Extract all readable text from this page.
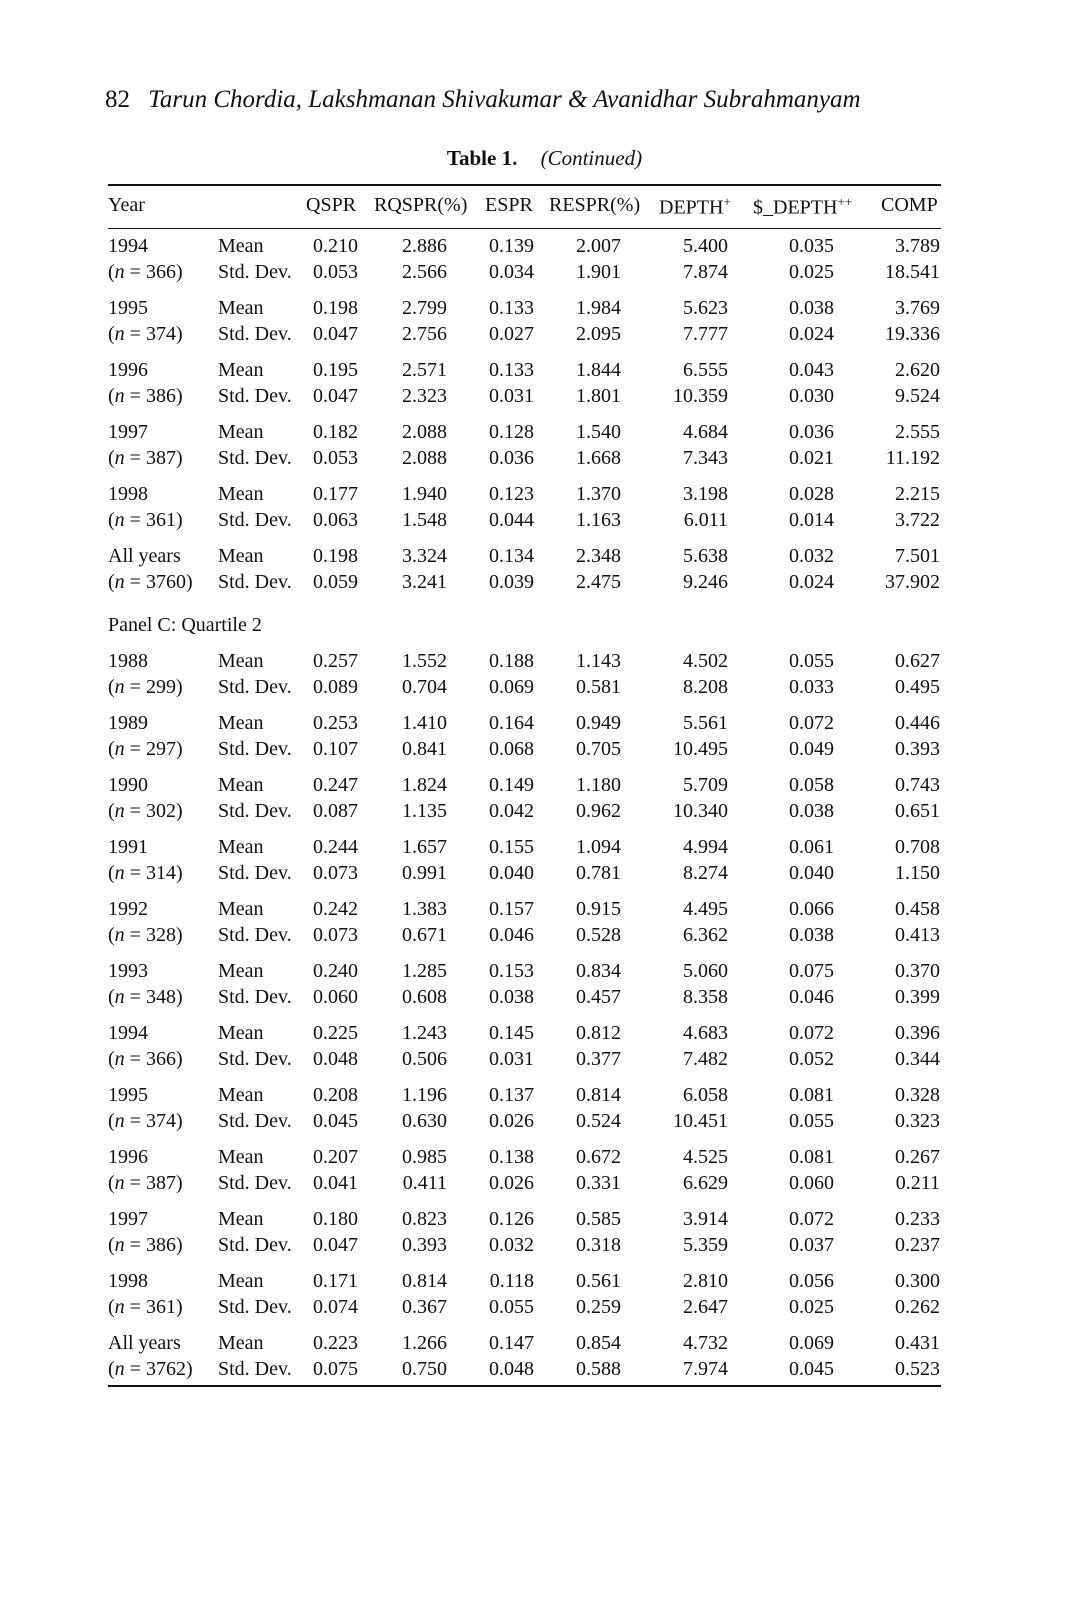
82 Tarun Chordia, Lakshmanan Shivakumar & Avanidhar Subrahmanyam
Table 1. (Continued)
Year	QSPR RQSPR(%) ESPR RESPR(%) DEPTH+ $_DEPTH++ COMP
1994	Mean 0.210 2.886 0.139 2.007	5.400	0.035	3.789
(n = 366) Std. Dev. 0.053 2.566 0.034 1.901	7.874	0.025	18.541
1995	Mean 0.198 2.799 0.133 1.984	5.623	0.038	3.769
(n = 374) Std. Dev. 0.047 2.756 0.027 2.095	7.777	0.024	19.336
1996	Mean 0.195 2.571 0.133 1.844	6.555	0.043	2.620
(n = 386) Std. Dev. 0.047 2.323 0.031 1.801	10.359	0.030	9.524
1997	Mean 0.182 2.088 0.128 1.540	4.684	0.036	2.555
(n = 387) Std. Dev. 0.053 2.088 0.036 1.668	7.343	0.021	11.192
1998	Mean 0.177 1.940 0.123 1.370	3.198	0.028	2.215
(n = 361) Std. Dev. 0.063 1.548 0.044 1.163	6.011	0.014	3.722
All years Mean 0.198 3.324 0.134 2.348	5.638	0.032	7.501
(n = 3760) Std. Dev. 0.059 3.241 0.039 2.475	9.246	0.024	37.902
Panel C: Quartile 2
1988	Mean 0.257 1.552 0.188 1.143	4.502	0.055	0.627
(n = 299) Std. Dev. 0.089 0.704 0.069 0.581	8.208	0.033	0.495
1989	Mean 0.253 1.410 0.164 0.949	5.561	0.072	0.446
(n = 297) Std. Dev. 0.107 0.841 0.068 0.705	10.495	0.049	0.393
1990	Mean 0.247 1.824 0.149 1.180	5.709	0.058	0.743
(n = 302) Std. Dev. 0.087 1.135 0.042 0.962	10.340	0.038	0.651
1991	Mean 0.244 1.657 0.155 1.094	4.994	0.061	0.708
(n = 314) Std. Dev. 0.073 0.991 0.040 0.781	8.274	0.040	1.150
1992	Mean 0.242 1.383 0.157 0.915	4.495	0.066	0.458
(n = 328) Std. Dev. 0.073 0.671 0.046 0.528	6.362	0.038	0.413
1993	Mean 0.240 1.285 0.153 0.834	5.060	0.075	0.370
(n = 348) Std. Dev. 0.060 0.608 0.038 0.457	8.358	0.046	0.399
1994	Mean 0.225 1.243 0.145 0.812	4.683	0.072	0.396
(n = 366) Std. Dev. 0.048 0.506 0.031 0.377	7.482	0.052	0.344
1995	Mean 0.208 1.196 0.137 0.814	6.058	0.081	0.328
(n = 374) Std. Dev. 0.045 0.630 0.026 0.524	10.451	0.055	0.323
1996	Mean 0.207 0.985 0.138 0.672	4.525	0.081	0.267
(n = 387) Std. Dev. 0.041 0.411 0.026 0.331	6.629	0.060	0.211
1997	Mean 0.180 0.823 0.126 0.585	3.914	0.072	0.233
(n = 386) Std. Dev. 0.047 0.393 0.032 0.318	5.359	0.037	0.237
1998	Mean 0.171 0.814 0.118 0.561	2.810	0.056	0.300
(n = 361) Std. Dev. 0.074 0.367 0.055 0.259	2.647	0.025	0.262
All years Mean 0.223 1.266 0.147 0.854	4.732	0.069	0.431
(n = 3762) Std. Dev. 0.075 0.750 0.048 0.588	7.974	0.045	0.523
